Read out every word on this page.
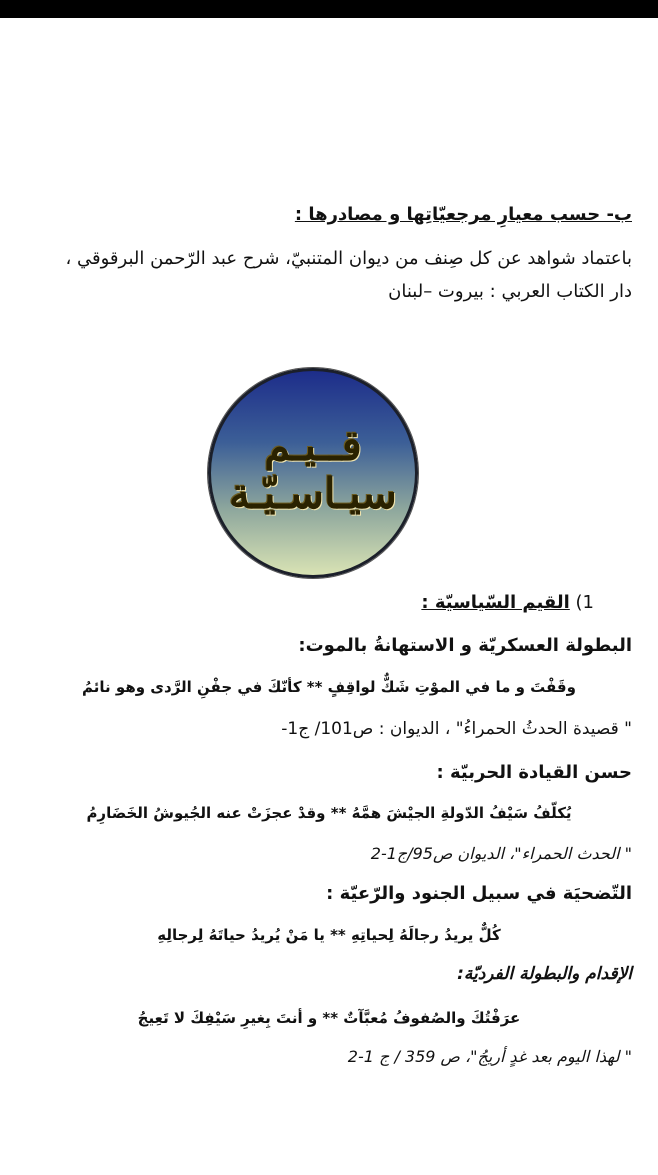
ب- حسب معيارِ مرجعيّاتِها و مصادرها :
باعتماد شواهد عن كل صِنف من ديوان المتنبيّ، شرح عبد الرّحمن البرقوقي ،
دار الكتاب العربي : بيروت –لبنان
قــيـم
سيـاسـيّـة
1) القيم السّياسيّة :
البطولة العسكريّة و الاستهانةُ بالموت:
وقَفْتَ و ما في الموْتِ شَكٌّ لواقِفٍ ** كأنّكَ في جفْنِ الرَّدى وهو نائمُ
" قصيدة الحدثُ الحمراءُ" ، الديوان : ص101/ ج1-
حسن القيادة الحربيّة :
يُكلّفُ سَيْفُ الدّولةِ الجيْشَ همَّهُ ** وقدْ عجزَتْ عنه الجُيوشُ الخَضَارِمُ
" الحدث الحمراء"، الديوان ص95/ج1-2
التّضحيَة في سبيل الجنود والرّعيّة :
كُلٌّ يريدُ رجالَهُ لِحياتِهِ ** يا مَنْ يُريدُ حياتَهُ لِرجالِهِ
الإقدام والبطولة الفرديّة:
عرَفْتُكَ والصُفوفُ مُعبَّآتٌ ** و أنتَ بِغيرِ سَيْفِكَ لا تَعِيجُ
" لهذا اليوم بعد غدٍ أريجُ"، ص 359 / ج 1-2
